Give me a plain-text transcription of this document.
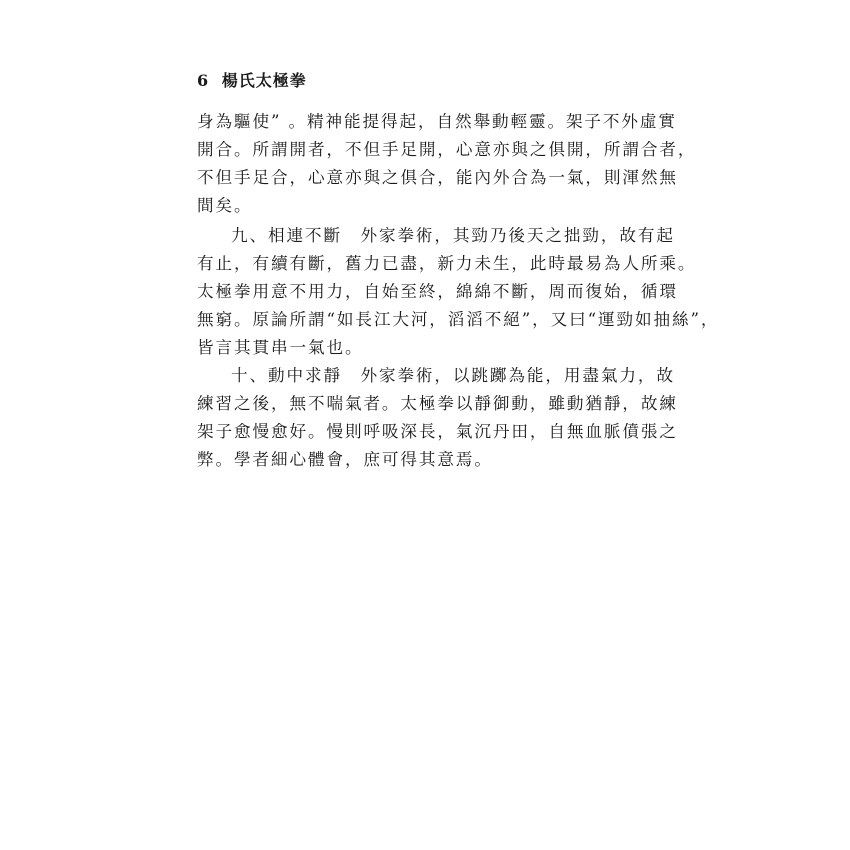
6 楊氏太極拳
身為驅使” 。精神能提得起，自然舉動輕靈。架子不外虛實
開合。所謂開者，不但手足開，心意亦與之俱開，所謂合者，
不但手足合，心意亦與之俱合，能內外合為一氣，則渾然無
間矣。
九、相連不斷　外家拳術，其勁乃後天之拙勁，故有起
有止，有續有斷，舊力已盡，新力未生，此時最易為人所乘。
太極拳用意不用力，自始至終，綿綿不斷，周而復始，循環
無窮。原論所謂“如長江大河，滔滔不絕”，又曰“運勁如抽絲”，
皆言其貫串一氣也。
十、動中求靜　外家拳術，以跳躑為能，用盡氣力，故
練習之後，無不喘氣者。太極拳以靜御動，雖動猶靜，故練
架子愈慢愈好。慢則呼吸深長，氣沉丹田，自無血脈僨張之
弊。學者細心體會，庶可得其意焉。
